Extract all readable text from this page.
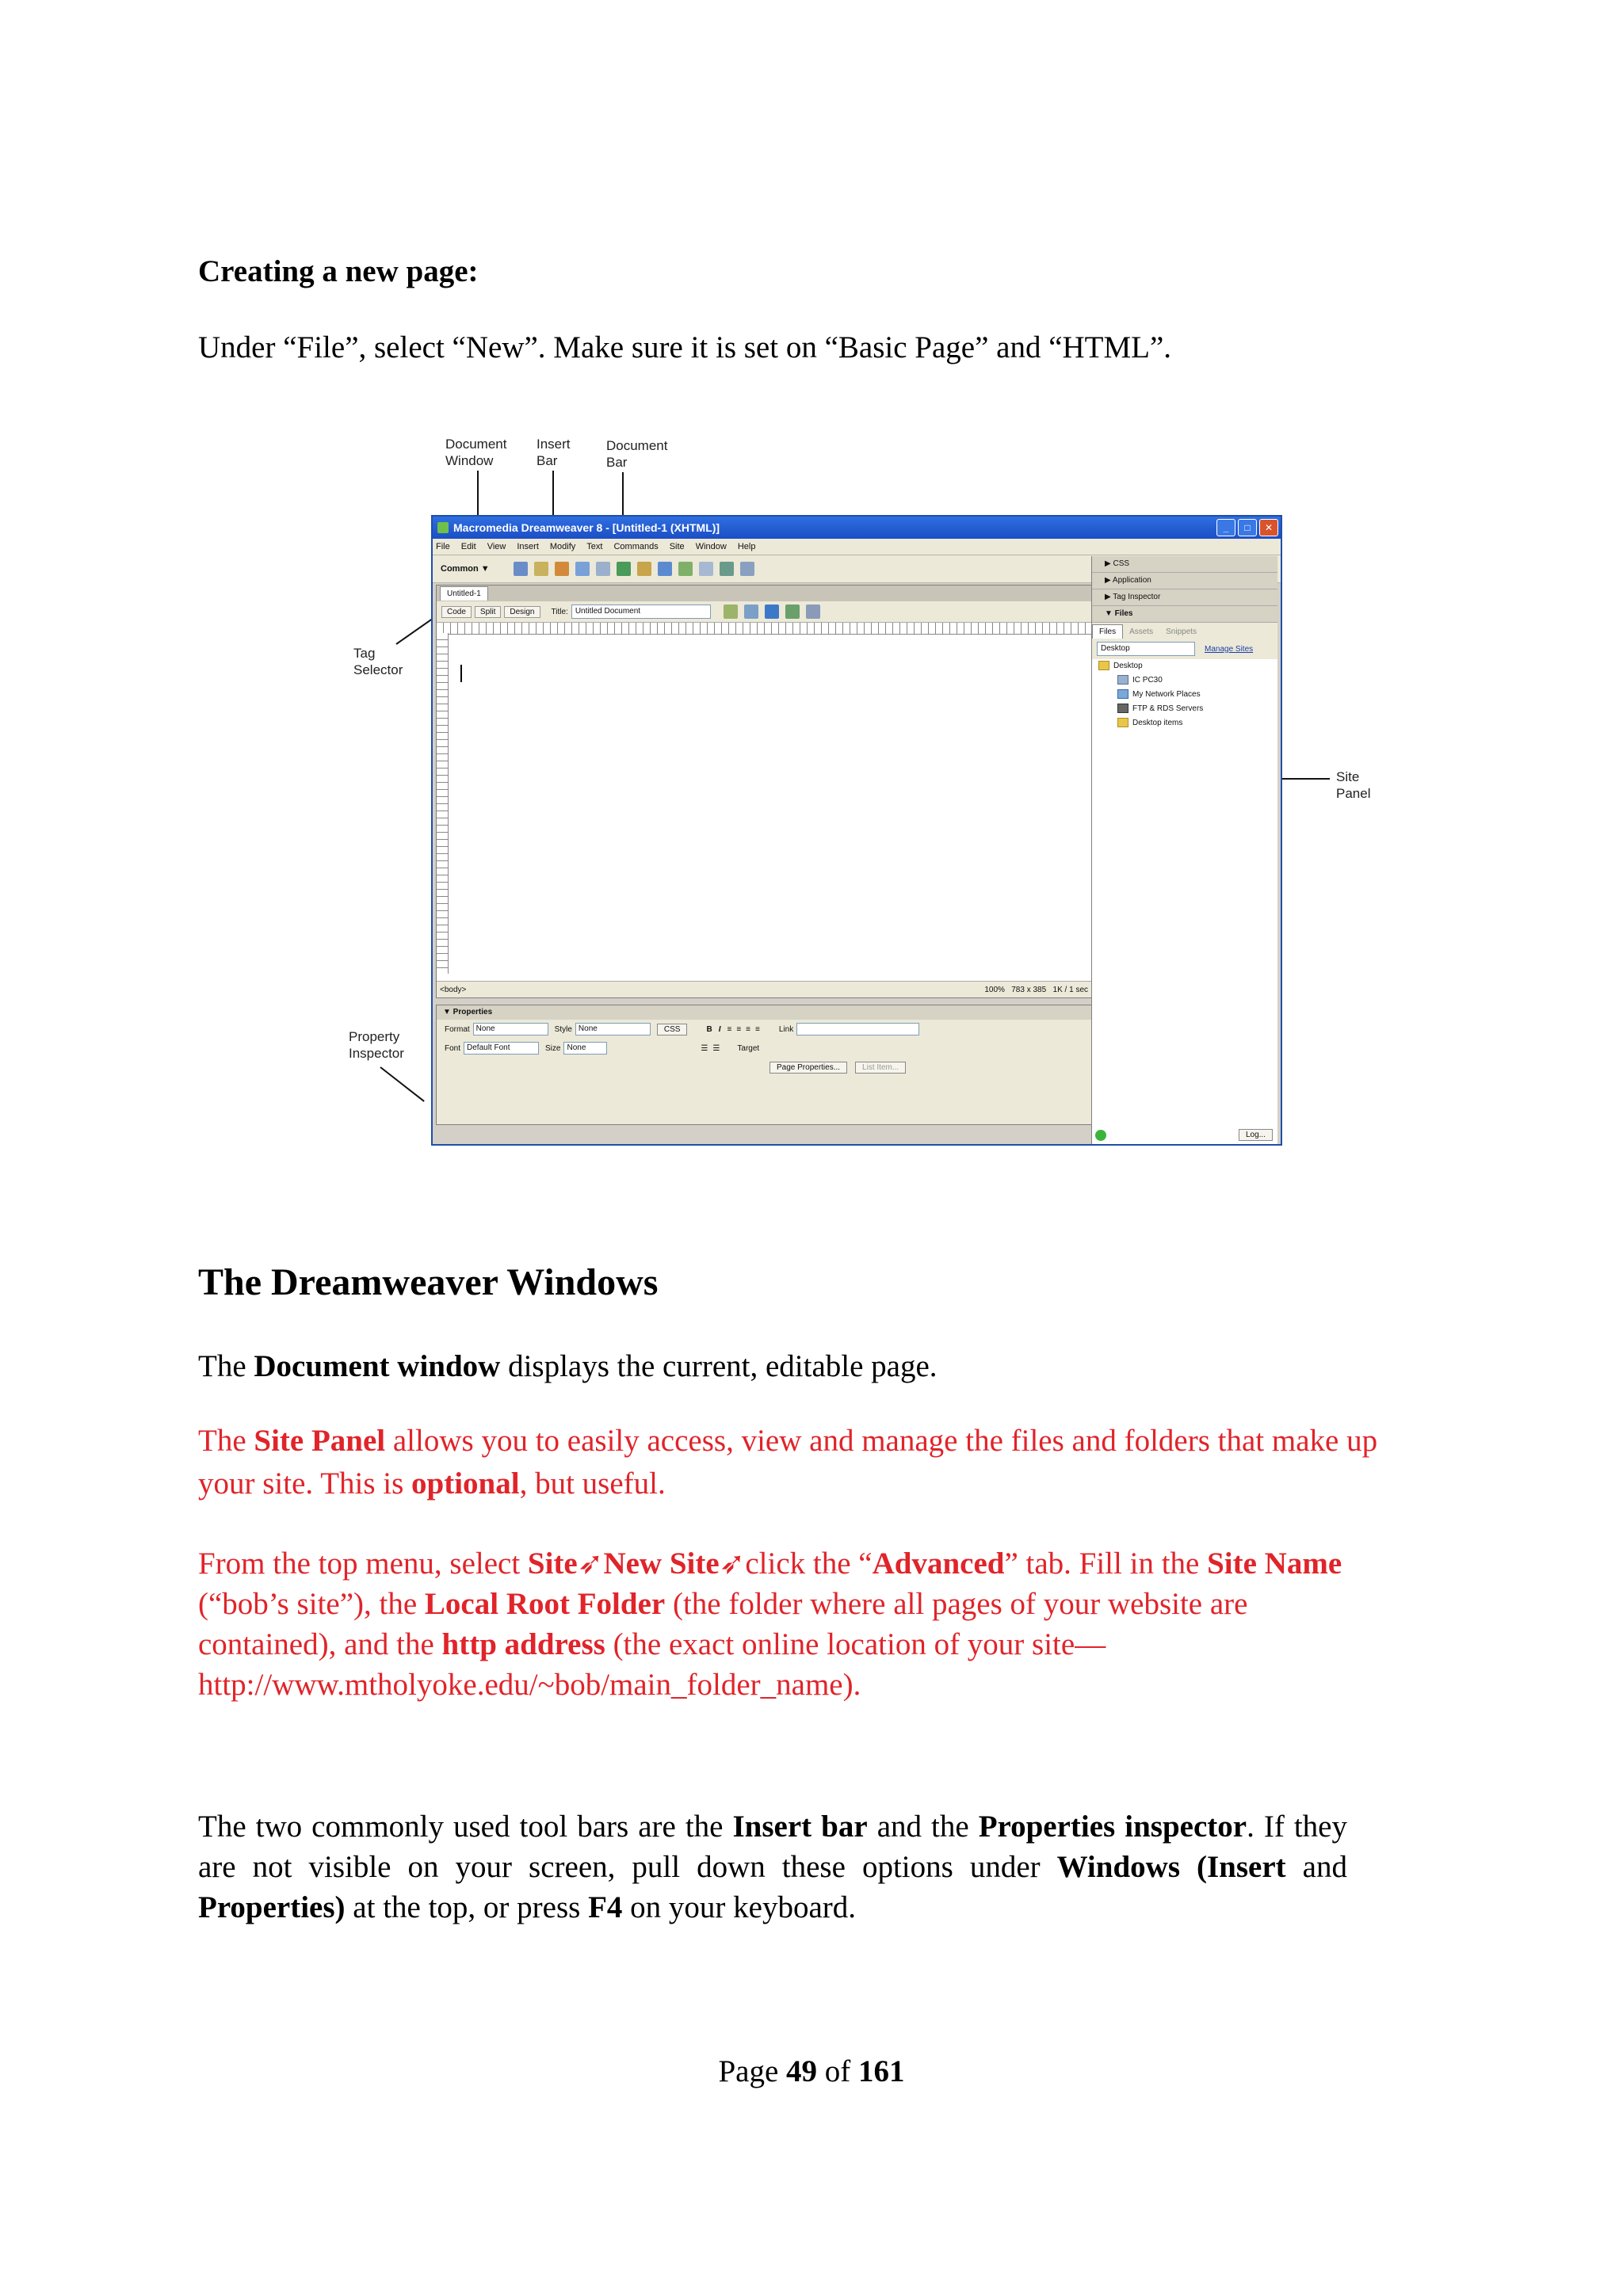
Creating a new page:
Under “File”, select “New”. Make sure it is set on “Basic Page” and “HTML”.
Document
Window
Insert
Bar
Document
Bar
Tag
Selector
Site
Panel
Property
Inspector
Macromedia Dreamweaver 8 - [Untitled-1 (XHTML)]	_	□	✕
File Edit View Insert Modify Text Commands Site Window Help
Common ▼
Untitled-1
Code	Split	Design	Title: Untitled Document
<body>	100% 783 x 385 1K / 1 sec
▼ Properties
Format None	Style None	CSS	B I ≡ ≡ ≡ ≡ Link
Font Default Font	Size None	☰ ☰ Target
Page Properties...	List Item...
▶ CSS
▶ Application
▶ Tag Inspector
▼ Files
Files	Assets	Snippets
Desktop	Manage Sites
Desktop
IC PC30
My Network Places
FTP & RDS Servers
Desktop items
Log...
The Dreamweaver Windows
The Document window displays the current, editable page.
The Site Panel allows you to easily access, view and manage the files and folders that make up your site. This is optional, but useful.
From the top menu, select Site➶New Site➶click the “Advanced” tab. Fill in the Site Name (“bob’s site”), the Local Root Folder (the folder where all pages of your website are contained), and the http address (the exact online location of your site—http://www.mtholyoke.edu/~bob/main_folder_name).
The two commonly used tool bars are the Insert bar and the Properties inspector. If they are not visible on your screen, pull down these options under Windows (Insert and Properties) at the top, or press F4 on your keyboard.
Page 49 of 161
